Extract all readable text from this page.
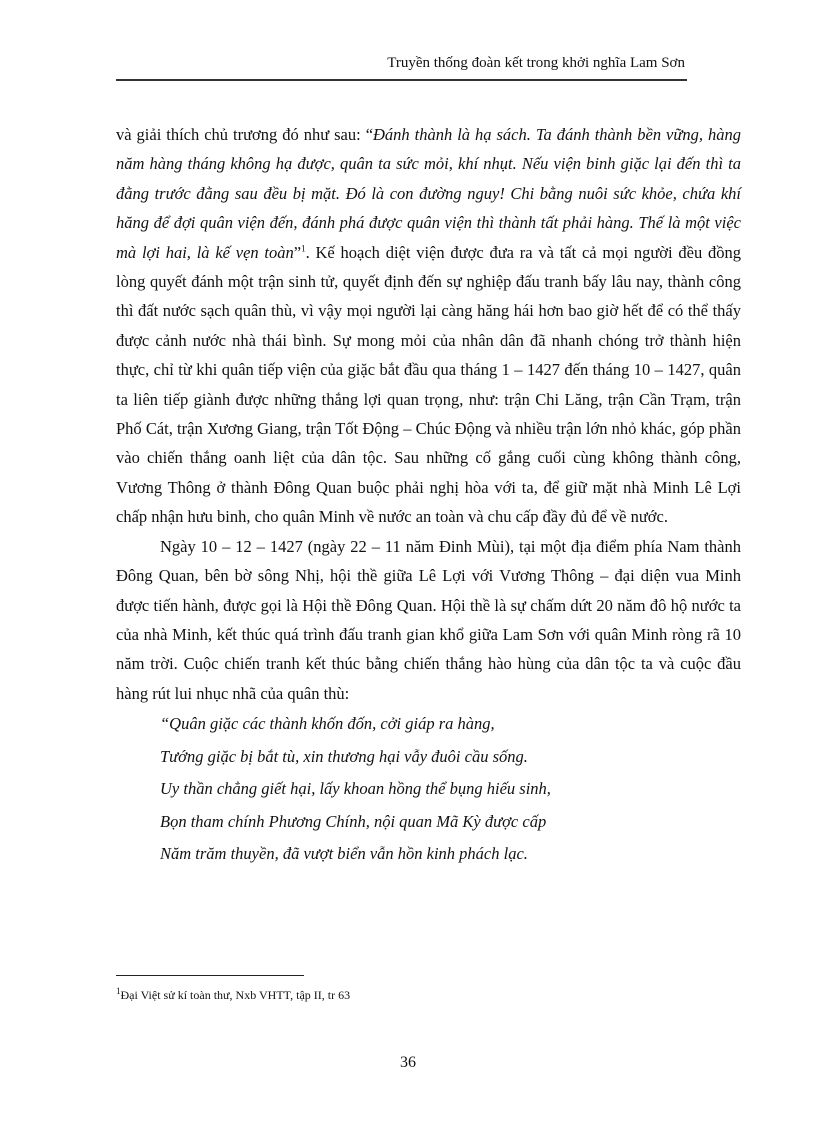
Truyền thống đoàn kết trong khởi nghĩa Lam Sơn

và giải thích chủ trương đó như sau: “Đánh thành là hạ sách. Ta đánh thành bền vững, hàng năm hàng tháng không hạ được, quân ta sức mỏi, khí nhụt. Nếu viện binh giặc lại đến thì ta đằng trước đằng sau đều bị mặt. Đó là con đường nguy! Chi bằng nuôi sức khỏe, chứa khí hăng để đợi quân viện đến, đánh phá được quân viện thì thành tất phải hàng. Thế là một việc mà lợi hai, là kế vẹn toàn”$^1$. Kế hoạch diệt viện được đưa ra và tất cả mọi người đều đồng lòng quyết đánh một trận sinh tử, quyết định đến sự nghiệp đấu tranh bấy lâu nay, thành công thì đất nước sạch quân thù, vì vậy mọi người lại càng hăng hái hơn bao giờ hết để có thể thấy được cảnh nước nhà thái bình. Sự mong mỏi của nhân dân đã nhanh chóng trở thành hiện thực, chỉ từ khi quân tiếp viện của giặc bắt đầu qua tháng 1 – 1427 đến tháng 10 – 1427, quân ta liên tiếp giành được những thắng lợi quan trọng, như: trận Chi Lăng, trận Cần Trạm, trận Phố Cát, trận Xương Giang, trận Tốt Động – Chúc Động và nhiều trận lớn nhỏ khác, góp phần vào chiến thắng oanh liệt của dân tộc. Sau những cố gắng cuối cùng không thành công, Vương Thông ở thành Đông Quan buộc phải nghị hòa với ta, để giữ mặt nhà Minh Lê Lợi chấp nhận hưu binh, cho quân Minh về nước an toàn và chu cấp đầy đủ để về nước.

Ngày 10 – 12 – 1427 (ngày 22 – 11 năm Đinh Mùi), tại một địa điểm phía Nam thành Đông Quan, bên bờ sông Nhị, hội thề giữa Lê Lợi với Vương Thông – đại diện vua Minh được tiến hành, được gọi là Hội thề Đông Quan. Hội thề là sự chấm dứt 20 năm đô hộ nước ta của nhà Minh, kết thúc quá trình đấu tranh gian khổ giữa Lam Sơn với quân Minh ròng rã 10 năm trời. Cuộc chiến tranh kết thúc bằng chiến thắng hào hùng của dân tộc ta và cuộc đầu hàng rút lui nhục nhã của quân thù:

“Quân giặc các thành khốn đốn, cởi giáp ra hàng,
Tướng giặc bị bắt tù, xin thương hại vẫy đuôi cầu sống.
Uy thần chẳng giết hại, lấy khoan hồng thể bụng hiếu sinh,
Bọn tham chính Phương Chính, nội quan Mã Kỳ được cấp
Năm trăm thuyền, đã vượt biển vẫn hồn kinh phách lạc.
$^1$Đại Việt sử kí toàn thư, Nxb VHTT, tập II, tr 63
36
